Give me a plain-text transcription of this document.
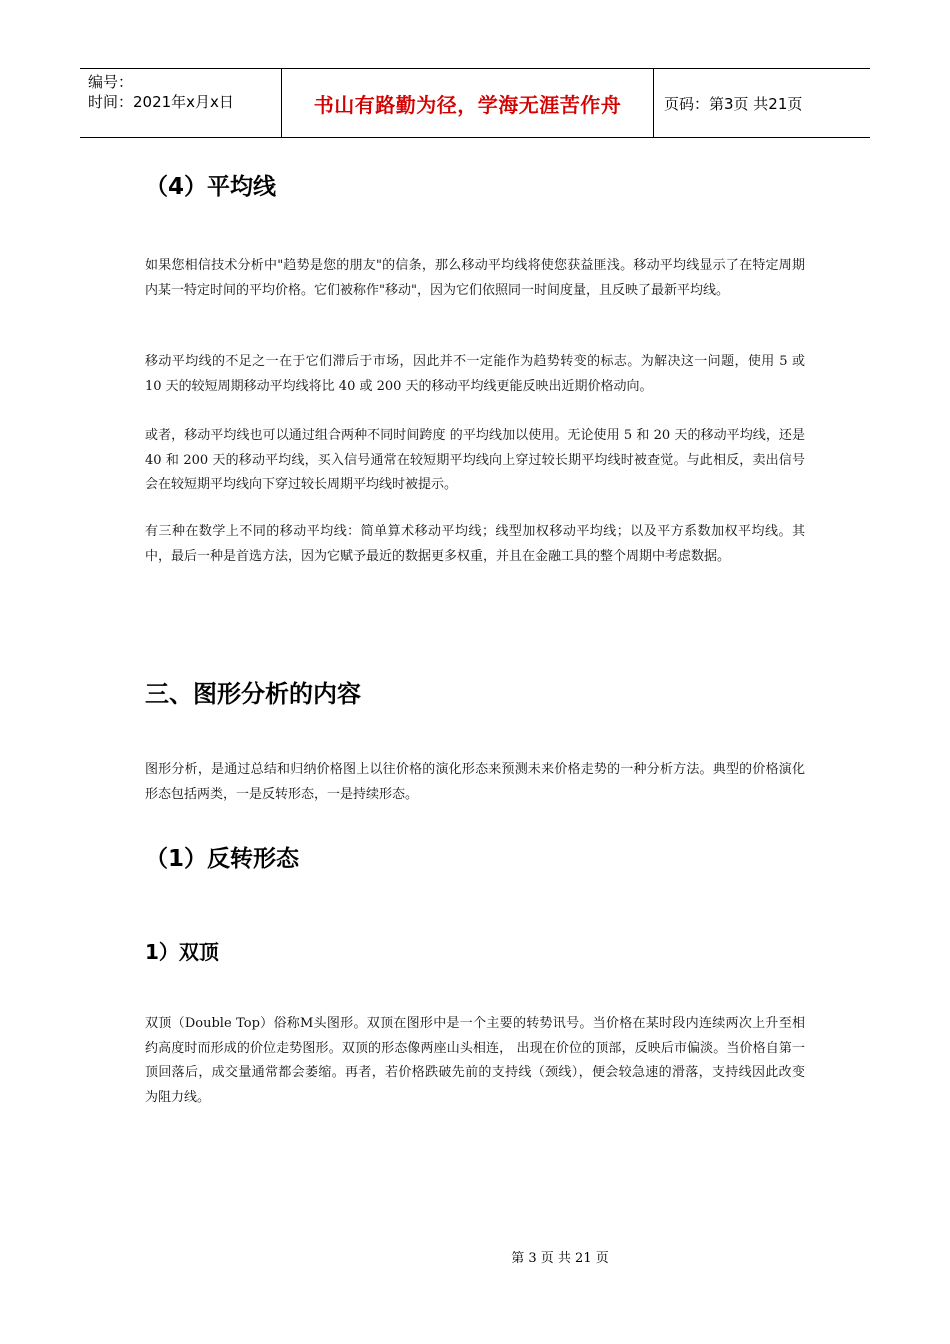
编号：
时间：2021年x月x日	书山有路勤为径，学海无涯苦作舟	页码：第3页 共21页
（4）平均线
如果您相信技术分析中"趋势是您的朋友"的信条，那么移动平均线将使您获益匪浅。移动平均线显示了在特定周期内某一特定时间的平均价格。它们被称作"移动"，因为它们依照同一时间度量，且反映了最新平均线。
移动平均线的不足之一在于它们滞后于市场，因此并不一定能作为趋势转变的标志。为解决这一问题，使用 5 或 10 天的较短周期移动平均线将比 40 或 200 天的移动平均线更能反映出近期价格动向。
或者，移动平均线也可以通过组合两种不同时间跨度 的平均线加以使用。无论使用 5 和 20 天的移动平均线，还是 40 和 200 天的移动平均线，买入信号通常在较短期平均线向上穿过较长期平均线时被查觉。与此相反，卖出信号会在较短期平均线向下穿过较长周期平均线时被提示。
有三种在数学上不同的移动平均线：简单算术移动平均线；线型加权移动平均线；以及平方系数加权平均线。其中，最后一种是首选方法，因为它赋予最近的数据更多权重，并且在金融工具的整个周期中考虑数据。
三、图形分析的内容
图形分析，是通过总结和归纳价格图上以往价格的演化形态来预测未来价格走势的一种分析方法。典型的价格演化形态包括两类，一是反转形态，一是持续形态。
（1）反转形态
1）双顶
双顶（Double Top）俗称M头图形。双顶在图形中是一个主要的转势讯号。当价格在某时段内连续两次上升至相约高度时而形成的价位走势图形。双顶的形态像两座山头相连， 出现在价位的顶部，反映后市偏淡。当价格自第一顶回落后，成交量通常都会萎缩。再者，若价格跌破先前的支持线（颈线），便会较急速的滑落，支持线因此改变 为阻力线。
第 3 页 共 21 页
